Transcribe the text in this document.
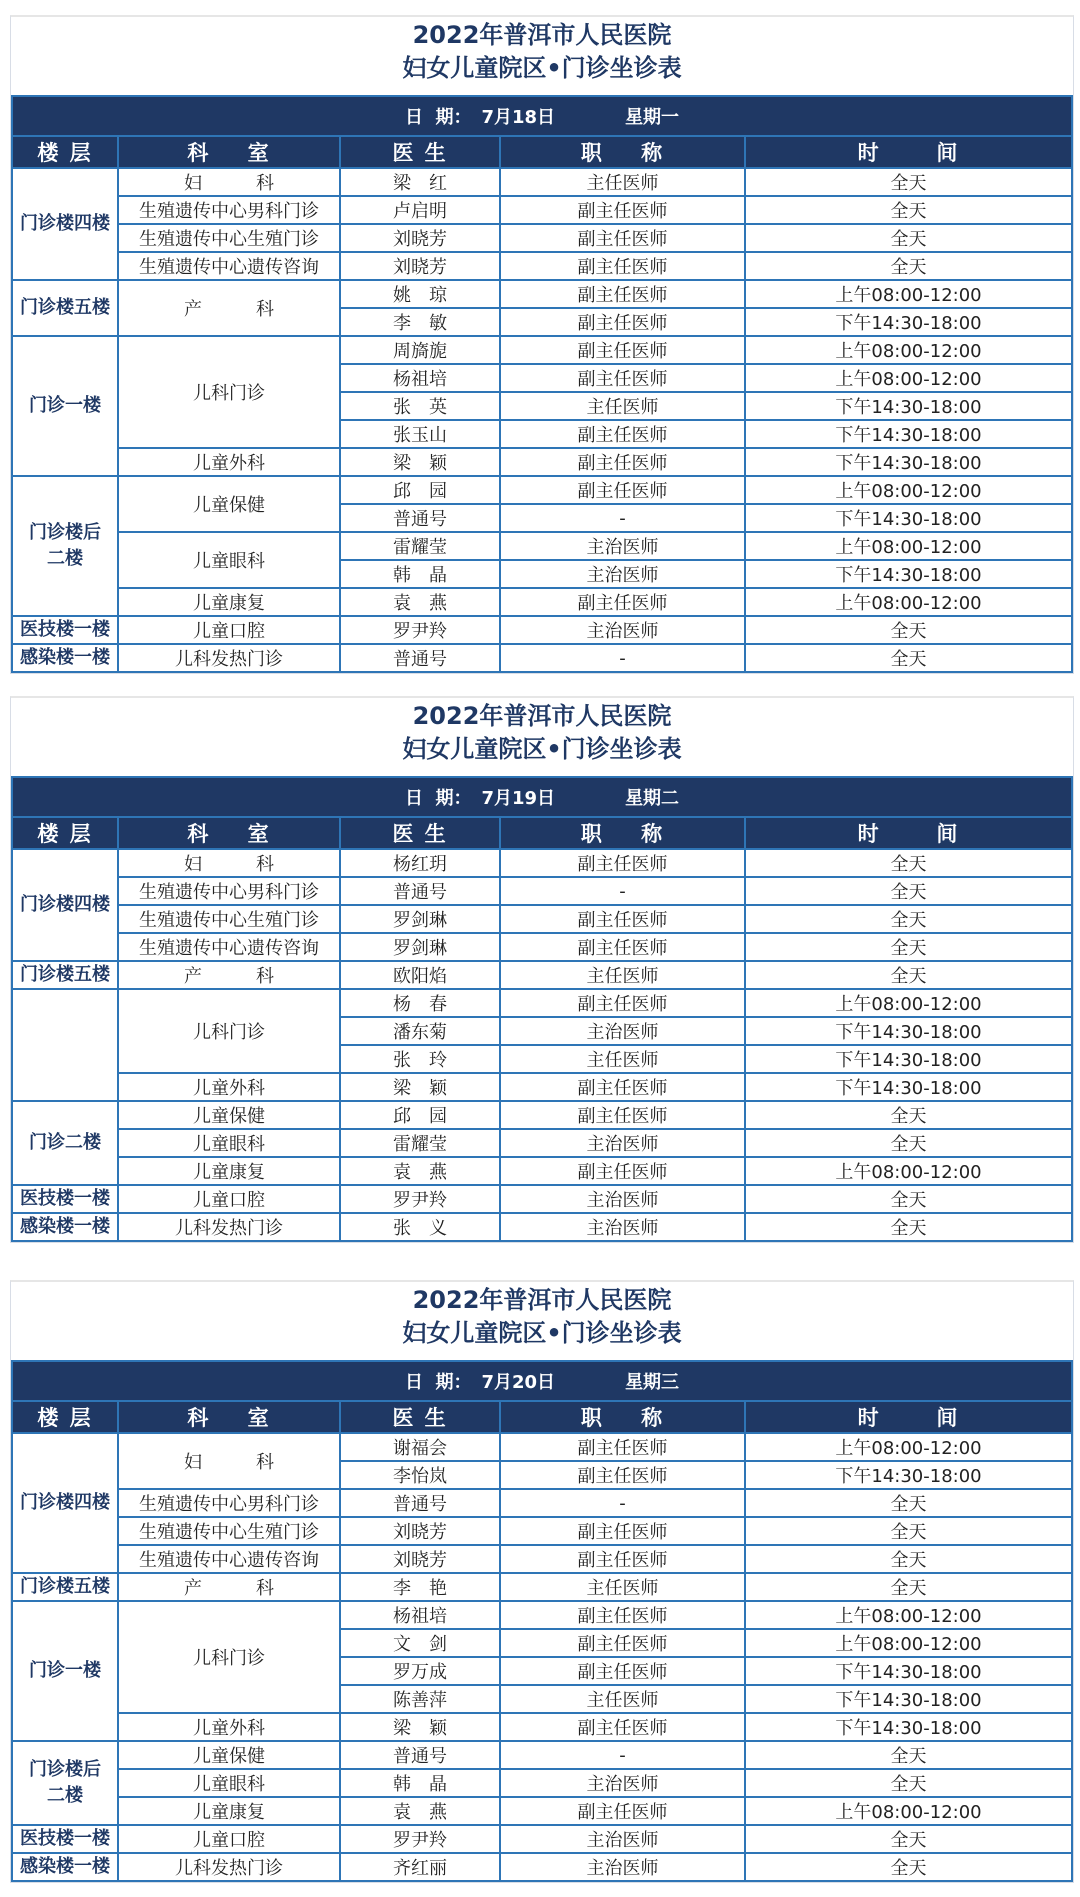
2022年普洱市人民医院
妇女儿童院区•门诊坐诊表
日  期： 7月18日 星期一				
楼 层	科    室	医 生	职    称	时      间
门诊楼四楼	妇　　　科	梁　红	主任医师	全天
	生殖遗传中心男科门诊	卢启明	副主任医师	全天
	生殖遗传中心生殖门诊	刘晓芳	副主任医师	全天
	生殖遗传中心遗传咨询	刘晓芳	副主任医师	全天
门诊楼五楼	产　　　科	姚　琼	副主任医师	上午08:00-12:00
		李　敏	副主任医师	下午14:30-18:00
门诊一楼	儿科门诊	周旖旎	副主任医师	上午08:00-12:00
		杨祖培	副主任医师	上午08:00-12:00
		张　英	主任医师	下午14:30-18:00
		张玉山	副主任医师	下午14:30-18:00
	儿童外科	梁　颖	副主任医师	下午14:30-18:00
门诊楼后
二楼	儿童保健	邱　园	副主任医师	上午08:00-12:00
		普通号	-	下午14:30-18:00
	儿童眼科	雷耀莹	主治医师	上午08:00-12:00
		韩　晶	主治医师	下午14:30-18:00
	儿童康复	袁　燕	副主任医师	上午08:00-12:00
医技楼一楼	儿童口腔	罗尹羚	主治医师	全天
感染楼一楼	儿科发热门诊	普通号	-	全天
2022年普洱市人民医院
妇女儿童院区•门诊坐诊表
日  期： 7月19日 星期二				
楼 层	科    室	医 生	职    称	时      间
门诊楼四楼	妇　　　科	杨红玥	副主任医师	全天
	生殖遗传中心男科门诊	普通号	-	全天
	生殖遗传中心生殖门诊	罗剑琳	副主任医师	全天
	生殖遗传中心遗传咨询	罗剑琳	副主任医师	全天
门诊楼五楼	产　　　科	欧阳焰	主任医师	全天
	儿科门诊	杨　春	副主任医师	上午08:00-12:00
		潘东菊	主治医师	下午14:30-18:00
		张　玲	主任医师	下午14:30-18:00
	儿童外科	梁　颖	副主任医师	下午14:30-18:00
门诊二楼	儿童保健	邱　园	副主任医师	全天
	儿童眼科	雷耀莹	主治医师	全天
	儿童康复	袁　燕	副主任医师	上午08:00-12:00
医技楼一楼	儿童口腔	罗尹羚	主治医师	全天
感染楼一楼	儿科发热门诊	张　义	主治医师	全天
2022年普洱市人民医院
妇女儿童院区•门诊坐诊表
日  期： 7月20日 星期三				
楼 层	科    室	医 生	职    称	时      间
门诊楼四楼	妇　　　科	谢福会	副主任医师	上午08:00-12:00
		李怡岚	副主任医师	下午14:30-18:00
	生殖遗传中心男科门诊	普通号	-	全天
	生殖遗传中心生殖门诊	刘晓芳	副主任医师	全天
	生殖遗传中心遗传咨询	刘晓芳	副主任医师	全天
门诊楼五楼	产　　　科	李　艳	主任医师	全天
门诊一楼	儿科门诊	杨祖培	副主任医师	上午08:00-12:00
		文　剑	副主任医师	上午08:00-12:00
		罗万成	副主任医师	下午14:30-18:00
		陈善萍	主任医师	下午14:30-18:00
	儿童外科	梁　颖	副主任医师	下午14:30-18:00
门诊楼后
二楼	儿童保健	普通号	-	全天
	儿童眼科	韩　晶	主治医师	全天
	儿童康复	袁　燕	副主任医师	上午08:00-12:00
医技楼一楼	儿童口腔	罗尹羚	主治医师	全天
感染楼一楼	儿科发热门诊	齐红丽	主治医师	全天
